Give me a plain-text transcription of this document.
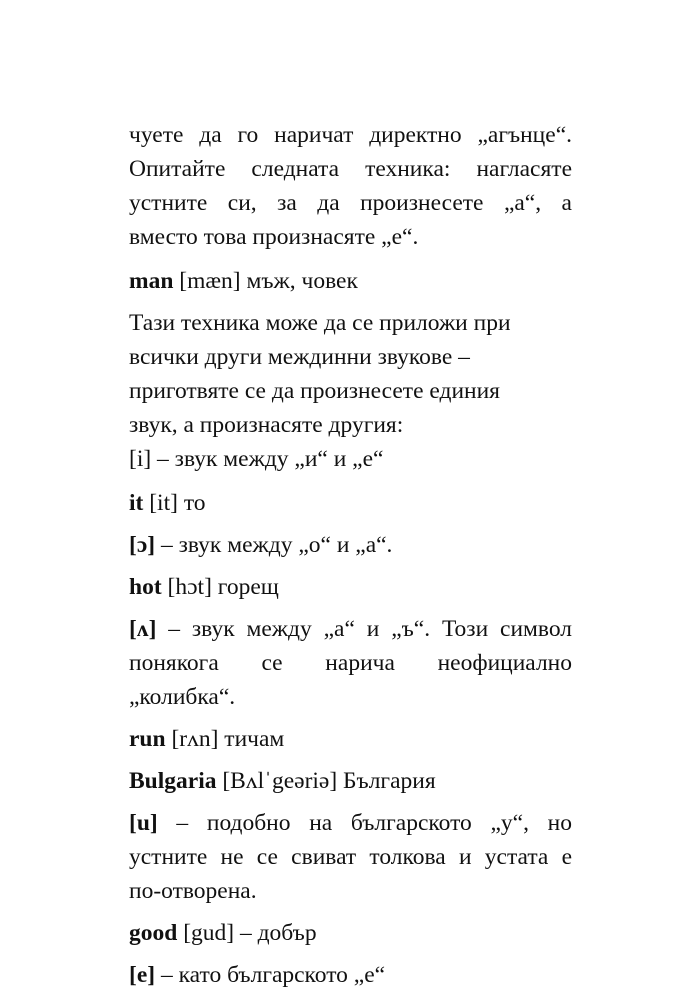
чуете да го наричат директно „агънце“.
Опитайте следната техника: нагласяте
устните си, за да произнесете „а“, а
вместо това произнасяте „е“.
man [mæn] мъж, човек
Тази техника може да се приложи при
всички други междинни звукове –
приготвяте се да произнесете единия
звук, а произнасяте другия:
[i] – звук между „и“ и „е“
it [it] то
[ɔ] – звук между „о“ и „а“.
hot [hɔt] горещ
[ʌ] – звук между „а“ и „ъ“. Този символ
понякога се нарича неофициално
„колибка“.
run [rʌn] тичам
Bulgaria [Bʌlˈgeəriə] България
[u] – подобно на българското „у“, но
устните не се свиват толкова и устата е
по-отворена.
good [gud] – добър
[e] – като българското „е“
